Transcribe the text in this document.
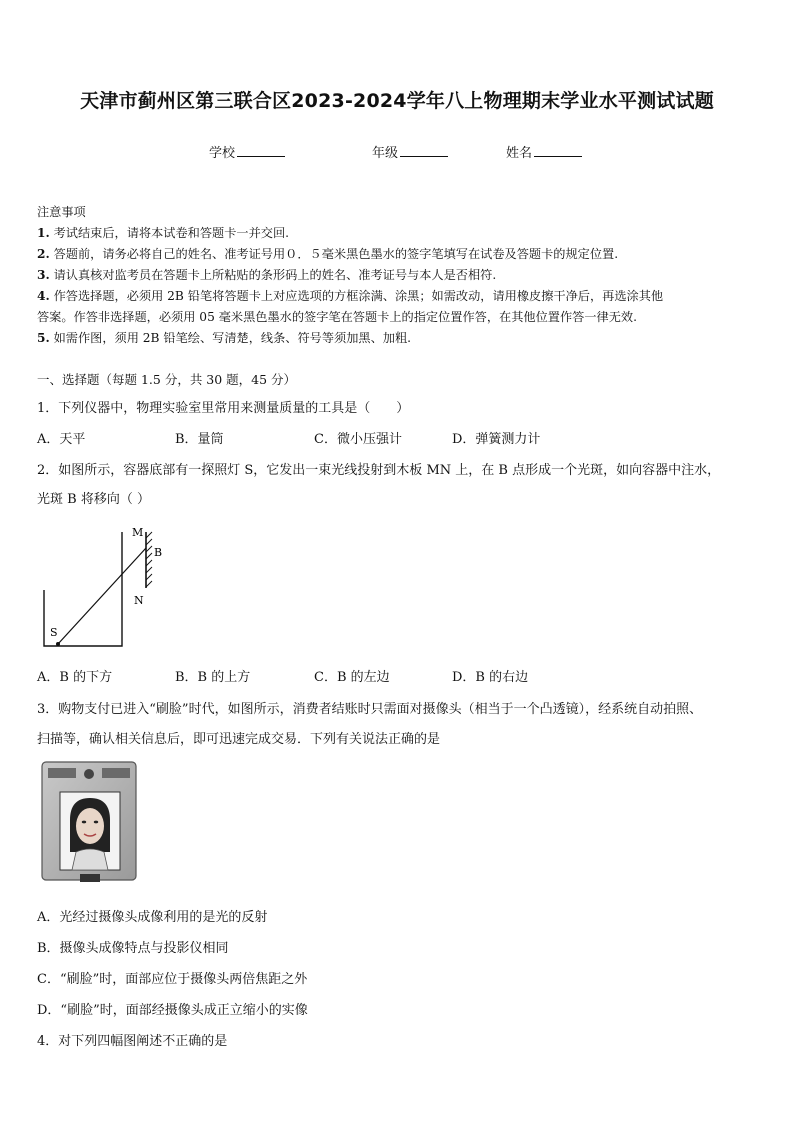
天津市蓟州区第三联合区2023-2024学年八上物理期末学业水平测试试题
学校	年级	姓名
注意事项
1. 考试结束后，请将本试卷和答题卡一并交回.
2. 答题前，请务必将自己的姓名、准考证号用０．５毫米黑色墨水的签字笔填写在试卷及答题卡的规定位置.
3. 请认真核对监考员在答题卡上所粘贴的条形码上的姓名、准考证号与本人是否相符.
4. 作答选择题，必须用 2B 铅笔将答题卡上对应选项的方框涂满、涂黑；如需改动，请用橡皮擦干净后，再选涂其他
答案。作答非选择题，必须用 05 毫米黑色墨水的签字笔在答题卡上的指定位置作答，在其他位置作答一律无效.
5. 如需作图，须用 2B 铅笔绘、写清楚，线条、符号等须加黑、加粗.
一、选择题（每题 1.5 分，共 30 题，45 分）
1．下列仪器中，物理实验室里常用来测量质量的工具是（　　）
A．天平	B．量筒	C．微小压强计	D．弹簧测力计
2．如图所示，容器底部有一探照灯 S，它发出一束光线投射到木板 MN 上，在 B 点形成一个光斑，如向容器中注水，
光斑 B 将移向（ ）
M
B
N
S
A．B 的下方	B．B 的上方	C．B 的左边	D．B 的右边
3．购物支付已进入“刷脸”时代，如图所示，消费者结账时只需面对摄像头（相当于一个凸透镜），经系统自动拍照、
扫描等，确认相关信息后，即可迅速完成交易．下列有关说法正确的是
A．光经过摄像头成像利用的是光的反射
B．摄像头成像特点与投影仪相同
C．“刷脸”时，面部应位于摄像头两倍焦距之外
D．“刷脸”时，面部经摄像头成正立缩小的实像
4．对下列四幅图阐述不正确的是
